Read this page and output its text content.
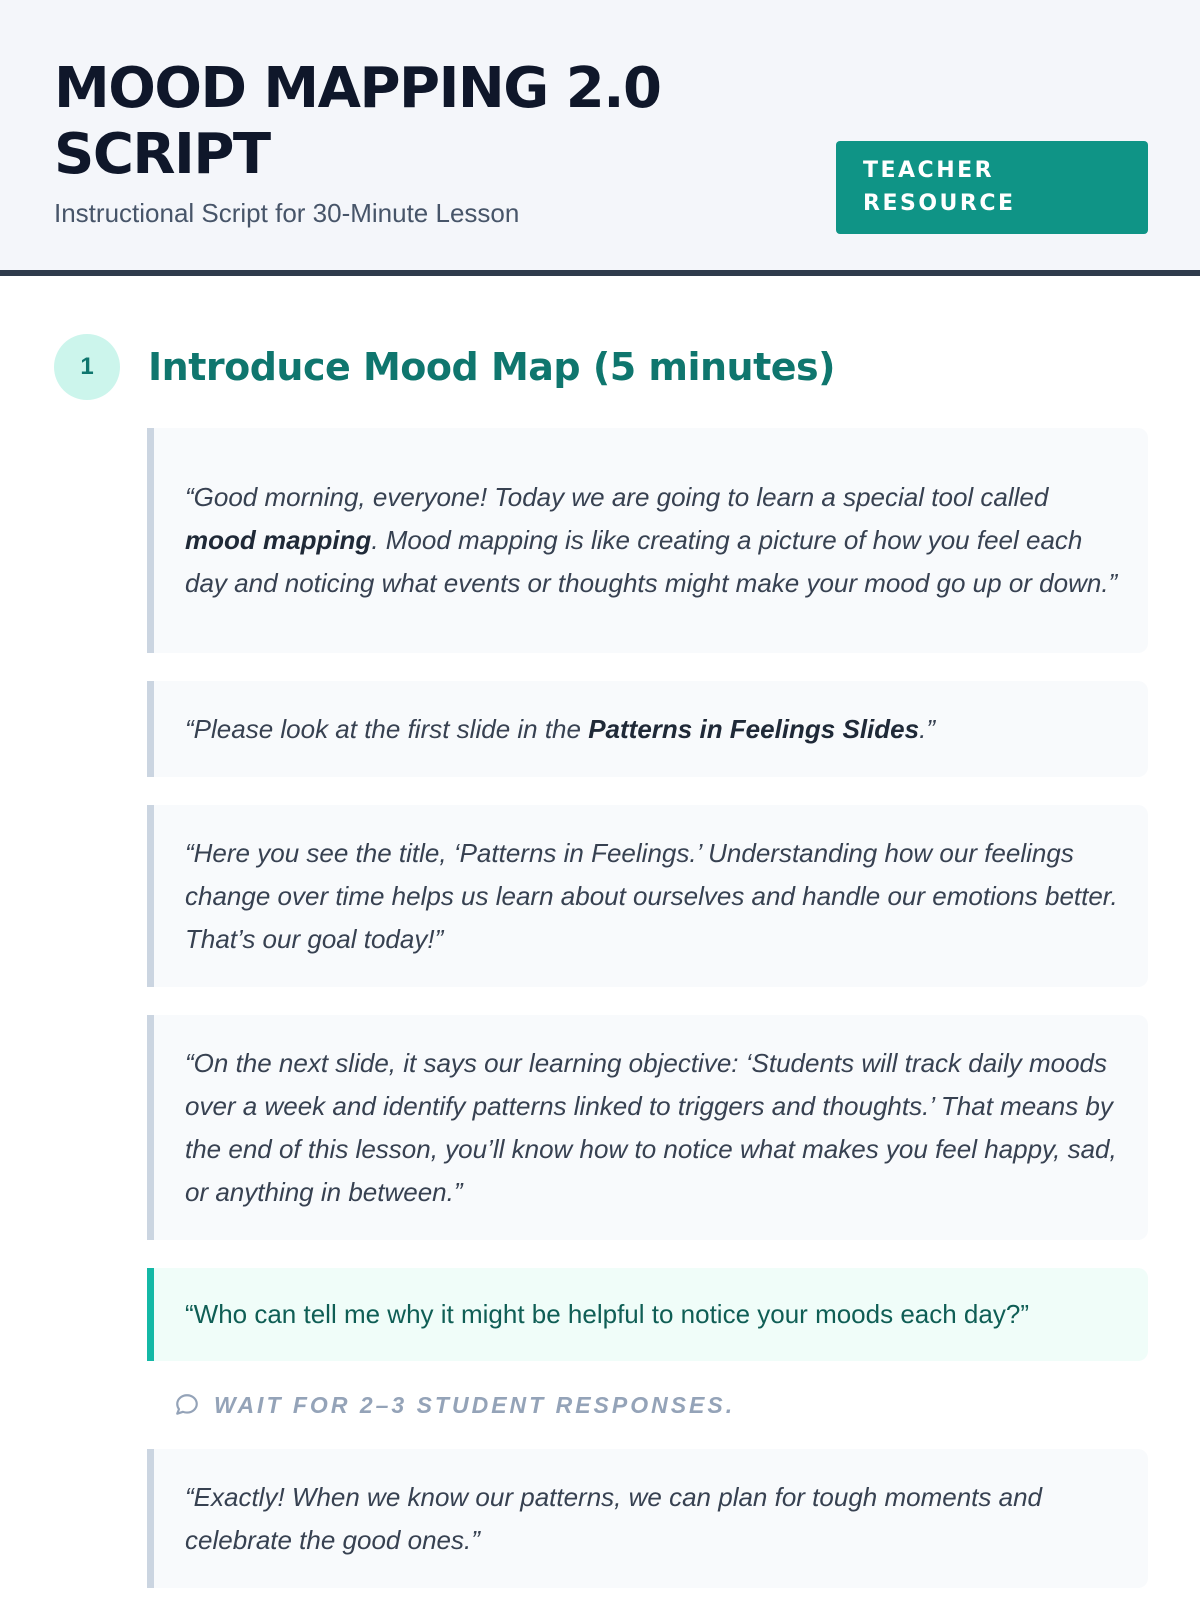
MOOD MAPPING 2.0
SCRIPT
Instructional Script for 30-Minute Lesson
TEACHER
RESOURCE
1	Introduce Mood Map (5 minutes)

“Good morning, everyone! Today we are going to learn a special tool called mood mapping. Mood mapping is like creating a picture of how you feel each day and noticing what events or thoughts might make your mood go up or down.”

“Please look at the first slide in the Patterns in Feelings Slides.”

“Here you see the title, ‘Patterns in Feelings.’ Understanding how our feelings change over time helps us learn about ourselves and handle our emotions better. That’s our goal today!”

“On the next slide, it says our learning objective: ‘Students will track daily moods over a week and identify patterns linked to triggers and thoughts.’ That means by the end of this lesson, you’ll know how to notice what makes you feel happy, sad, or anything in between.”

“Who can tell me why it might be helpful to notice your moods each day?”

WAIT FOR 2–3 STUDENT RESPONSES.

“Exactly! When we know our patterns, we can plan for tough moments and celebrate the good ones.”
